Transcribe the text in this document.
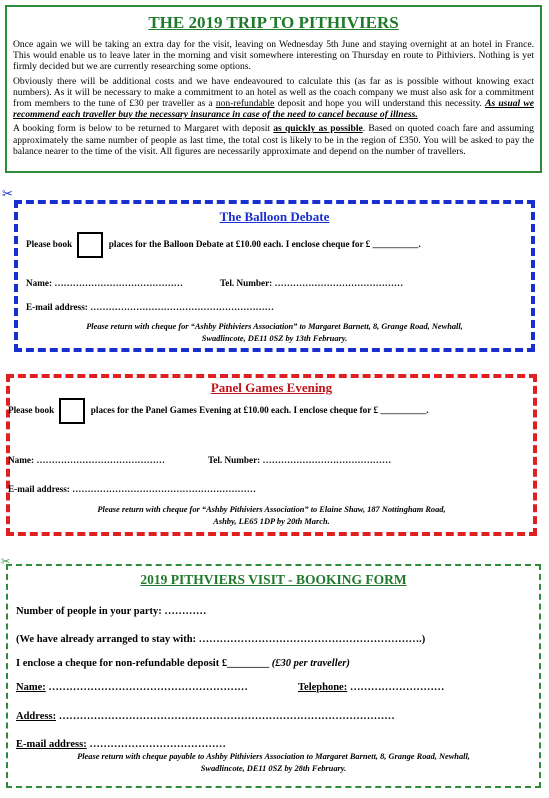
THE 2019 TRIP TO PITHIVIERS

Once again we will be taking an extra day for the visit, leaving on Wednesday 5th June and staying overnight at an hotel in France. This would enable us to leave later in the morning and visit somewhere interesting on Thursday en route to Pithiviers. Nothing is yet firmly decided but we are currently researching some options.

Obviously there will be additional costs and we have endeavoured to calculate this (as far as is possible without knowing exact numbers). As it will be necessary to make a commitment to an hotel as well as the coach company we must also ask for a commitment from members to the tune of £30 per traveller as a non-refundable deposit and hope you will understand this necessity. As usual we recommend each traveller buy the necessary insurance in case of the need to cancel because of illness.

A booking form is below to be returned to Margaret with deposit as quickly as possible. Based on quoted coach fare and assuming approximately the same number of people as last time, the total cost is likely to be in the region of £350. You will be asked to pay the balance nearer to the time of the visit. All figures are necessarily approximate and depend on the number of travellers.

✂
The Balloon Debate
Please book	places for the Balloon Debate at £10.00 each. I enclose cheque for £ __________.
Name: ……………………………………	Tel. Number: ……………………………………
E-mail address: ……………………………………………………
Please return with cheque for “Ashby Pithiviers Association” to Margaret Barnett, 8, Grange Road, Newhall,
Swadlincote, DE11 0SZ by 13th February.
Panel Games Evening
Please book	places for the Panel Games Evening at £10.00 each. I enclose cheque for £ __________.
Name: ……………………………………	Tel. Number: ……………………………………
E-mail address: ……………………………………………………
Please return with cheque for “Ashby Pithiviers Association” to Elaine Shaw, 187 Nottingham Road,
Ashby, LE65 1DP by 20th March.
✂
2019 PITHVIERS VISIT - BOOKING FORM
Number of people in your party: …………
(We have already arranged to stay with: ……………………………………………………….)
I enclose a cheque for non-refundable deposit £________ (£30 per traveller)
Name: …………………………………………………	Telephone: ………………………
Address: ……………………………………………………………………………………
E-mail address: …………………………………
Please return with cheque payable to Ashby Pithiviers Association to Margaret Barnett, 8, Grange Road, Newhall,
Swadlincote, DE11 0SZ by 28th February.
